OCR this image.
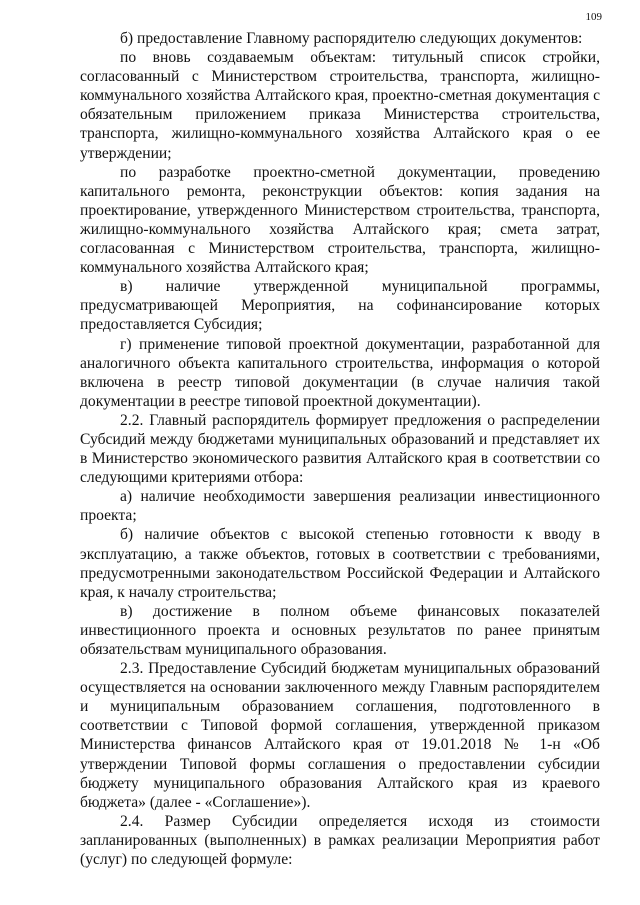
109

б) предоставление Главному распорядителю следующих документов:

по вновь создаваемым объектам: титульный список стройки, согласованный с Министерством строительства, транспорта, жилищно-коммунального хозяйства Алтайского края, проектно-сметная документация с обязательным приложением приказа Министерства строительства, транспорта, жилищно-коммунального хозяйства Алтайского края о ее утверждении;

по разработке проектно-сметной документации, проведению капитального ремонта, реконструкции объектов: копия задания на проектирование, утвержденного Министерством строительства, транспорта, жилищно-коммунального хозяйства Алтайского края; смета затрат, согласованная с Министерством строительства, транспорта, жилищно-коммунального хозяйства Алтайского края;

в) наличие утвержденной муниципальной программы, предусматривающей Мероприятия, на софинансирование которых предоставляется Субсидия;

г) применение типовой проектной документации, разработанной для аналогичного объекта капитального строительства, информация о которой включена в реестр типовой документации (в случае наличия такой документации в реестре типовой проектной документации).

2.2. Главный распорядитель формирует предложения о распределении Субсидий между бюджетами муниципальных образований и представляет их в Министерство экономического развития Алтайского края в соответствии со следующими критериями отбора:

а) наличие необходимости завершения реализации инвестиционного проекта;

б) наличие объектов с высокой степенью готовности к вводу в эксплуатацию, а также объектов, готовых в соответствии с требованиями, предусмотренными законодательством Российской Федерации и Алтайского края, к началу строительства;

в) достижение в полном объеме финансовых показателей инвестиционного проекта и основных результатов по ранее принятым обязательствам муниципального образования.

2.3. Предоставление Субсидий бюджетам муниципальных образований осуществляется на основании заключенного между Главным распорядителем и муниципальным образованием соглашения, подготовленного в соответствии с Типовой формой соглашения, утвержденной приказом Министерства финансов Алтайского края от 19.01.2018 № 1-н «Об утверждении Типовой формы соглашения о предоставлении субсидии бюджету муниципального образования Алтайского края из краевого бюджета» (далее - «Соглашение»).

2.4. Размер Субсидии определяется исходя из стоимости запланированных (выполненных) в рамках реализации Мероприятия работ (услуг) по следующей формуле:
